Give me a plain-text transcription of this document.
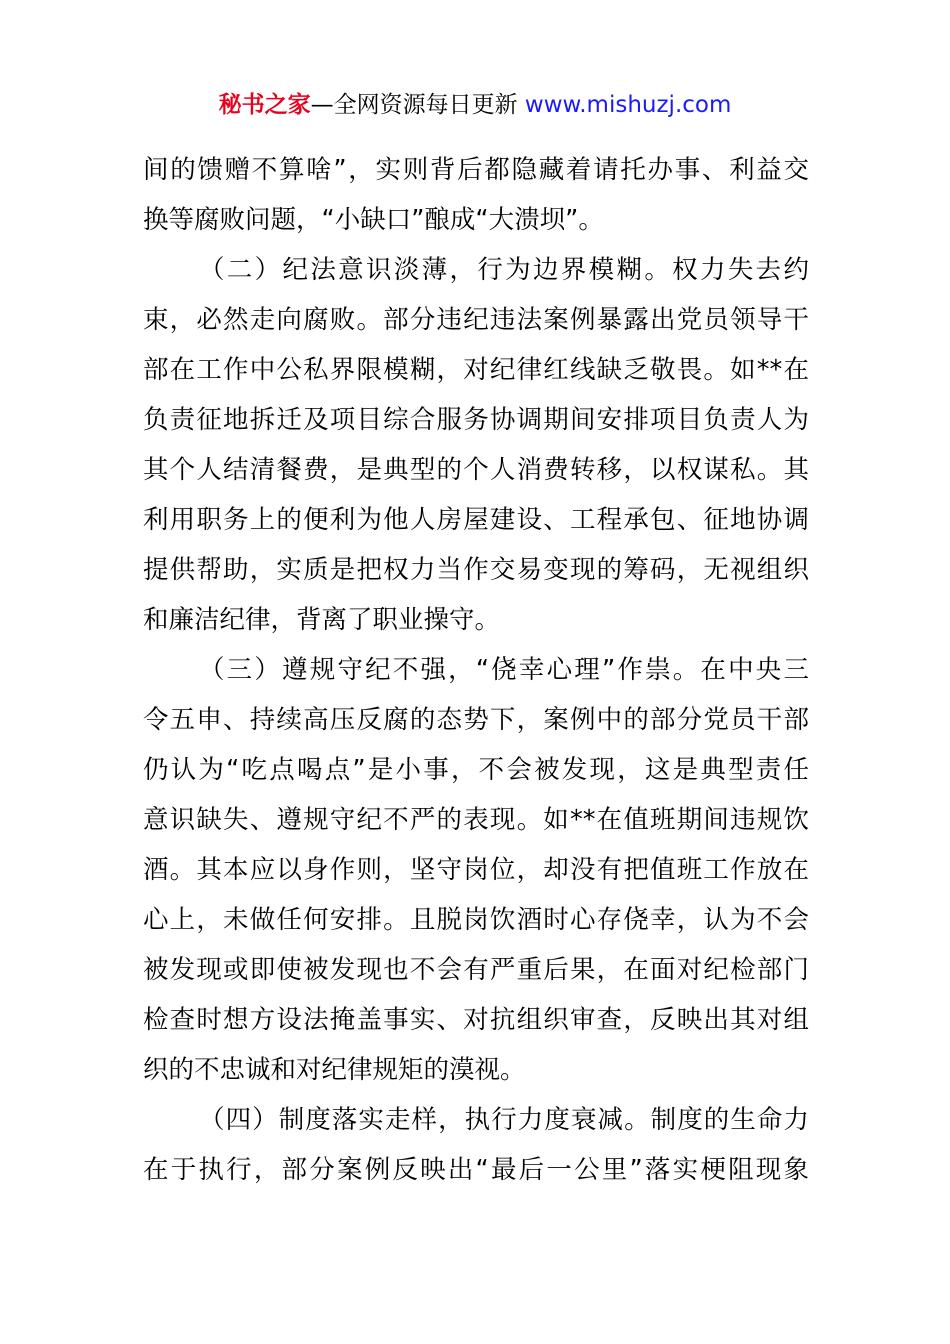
秘书之家—全网资源每日更新 www.mishuzj.com
间的馈赠不算啥”，实则背后都隐藏着请托办事、利益交
换等腐败问题，“小缺口”酿成“大溃坝”。
（二）纪法意识淡薄，行为边界模糊。权力失去约
束，必然走向腐败。部分违纪违法案例暴露出党员领导干
部在工作中公私界限模糊，对纪律红线缺乏敬畏。如**在
负责征地拆迁及项目综合服务协调期间安排项目负责人为
其个人结清餐费，是典型的个人消费转移，以权谋私。其
利用职务上的便利为他人房屋建设、工程承包、征地协调
提供帮助，实质是把权力当作交易变现的筹码，无视组织
和廉洁纪律，背离了职业操守。
（三）遵规守纪不强，“侥幸心理”作祟。在中央三
令五申、持续高压反腐的态势下，案例中的部分党员干部
仍认为“吃点喝点”是小事，不会被发现，这是典型责任
意识缺失、遵规守纪不严的表现。如**在值班期间违规饮
酒。其本应以身作则，坚守岗位，却没有把值班工作放在
心上，未做任何安排。且脱岗饮酒时心存侥幸，认为不会
被发现或即使被发现也不会有严重后果，在面对纪检部门
检查时想方设法掩盖事实、对抗组织审查，反映出其对组
织的不忠诚和对纪律规矩的漠视。
（四）制度落实走样，执行力度衰减。制度的生命力
在于执行，部分案例反映出“最后一公里”落实梗阻现象
